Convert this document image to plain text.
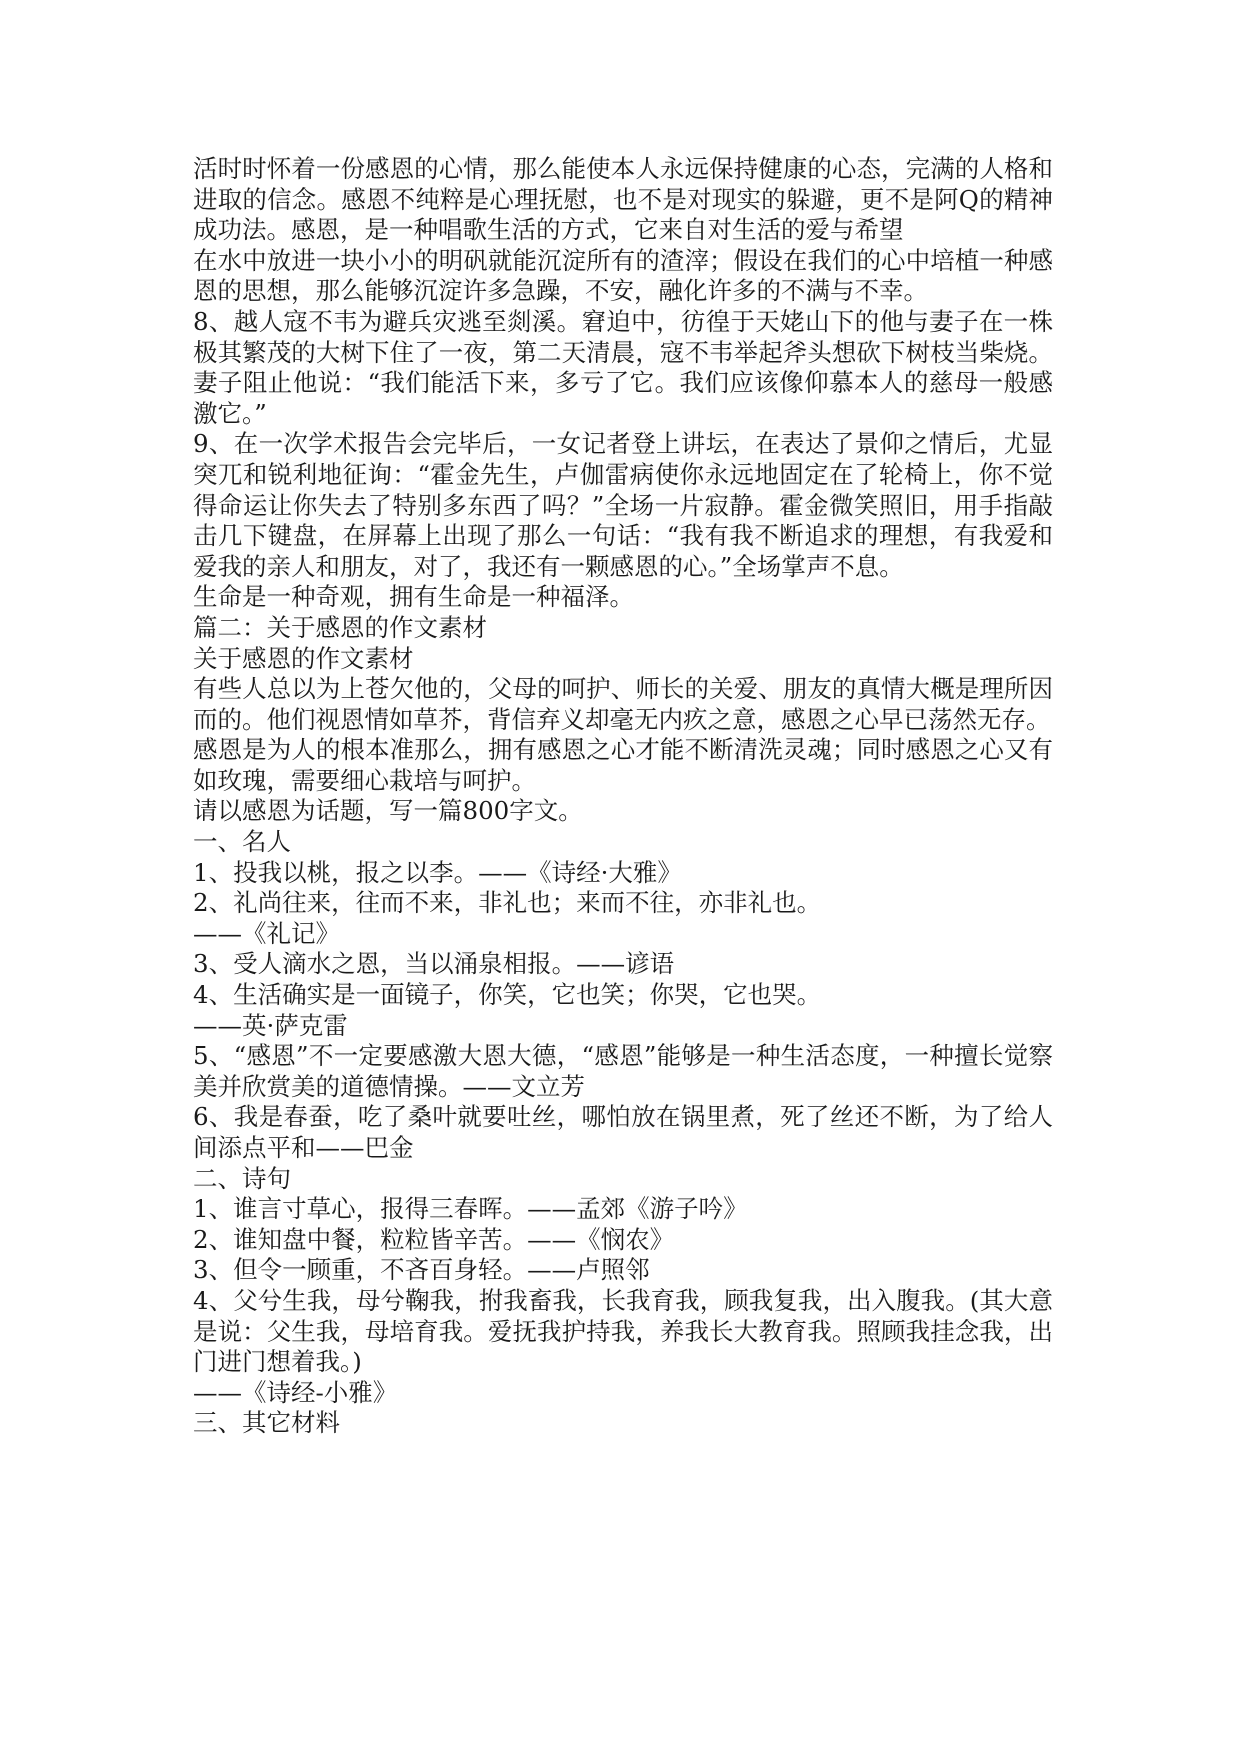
活时时怀着一份感恩的心情，那么能使本人永远保持健康的心态，完满的人格和进取的信念。感恩不纯粹是心理抚慰，也不是对现实的躲避，更不是阿Q的精神成功法。感恩，是一种唱歌生活的方式，它来自对生活的爱与希望

在水中放进一块小小的明矾就能沉淀所有的渣滓；假设在我们的心中培植一种感恩的思想，那么能够沉淀许多急躁，不安，融化许多的不满与不幸。

8、越人寇不韦为避兵灾逃至剡溪。窘迫中，彷徨于天姥山下的他与妻子在一株极其繁茂的大树下住了一夜，第二天清晨，寇不韦举起斧头想砍下树枝当柴烧。妻子阻止他说：“我们能活下来，多亏了它。我们应该像仰慕本人的慈母一般感激它。”

9、在一次学术报告会完毕后，一女记者登上讲坛，在表达了景仰之情后，尤显突兀和锐利地征询：“霍金先生，卢伽雷病使你永远地固定在了轮椅上，你不觉得命运让你失去了特别多东西了吗？”全场一片寂静。霍金微笑照旧，用手指敲击几下键盘，在屏幕上出现了那么一句话：“我有我不断追求的理想，有我爱和爱我的亲人和朋友，对了，我还有一颗感恩的心。”全场掌声不息。

生命是一种奇观，拥有生命是一种福泽。

篇二：关于感恩的作文素材

关于感恩的作文素材

有些人总以为上苍欠他的，父母的呵护、师长的关爱、朋友的真情大概是理所因而的。他们视恩情如草芥，背信弃义却毫无内疚之意，感恩之心早已荡然无存。

感恩是为人的根本准那么，拥有感恩之心才能不断清洗灵魂；同时感恩之心又有如玫瑰，需要细心栽培与呵护。

请以感恩为话题，写一篇800字文。

一、名人

1、投我以桃，报之以李。——《诗经·大雅》

2、礼尚往来，往而不来，非礼也；来而不往，亦非礼也。

——《礼记》

3、受人滴水之恩，当以涌泉相报。——谚语

4、生活确实是一面镜子，你笑，它也笑；你哭，它也哭。

——英·萨克雷

5、“感恩”不一定要感激大恩大德，“感恩”能够是一种生活态度，一种擅长觉察美并欣赏美的道德情操。——文立芳

6、我是春蚕，吃了桑叶就要吐丝，哪怕放在锅里煮，死了丝还不断，为了给人间添点平和——巴金

二、诗句

1、谁言寸草心，报得三春晖。——孟郊《游子吟》

2、谁知盘中餐，粒粒皆辛苦。——《悯农》

3、但令一顾重，不吝百身轻。——卢照邻

4、父兮生我，母兮鞠我，拊我畜我，长我育我，顾我复我，出入腹我。(其大意是说：父生我，母培育我。爱抚我护持我，养我长大教育我。照顾我挂念我，出门进门想着我。)

——《诗经-小雅》

三、其它材料
